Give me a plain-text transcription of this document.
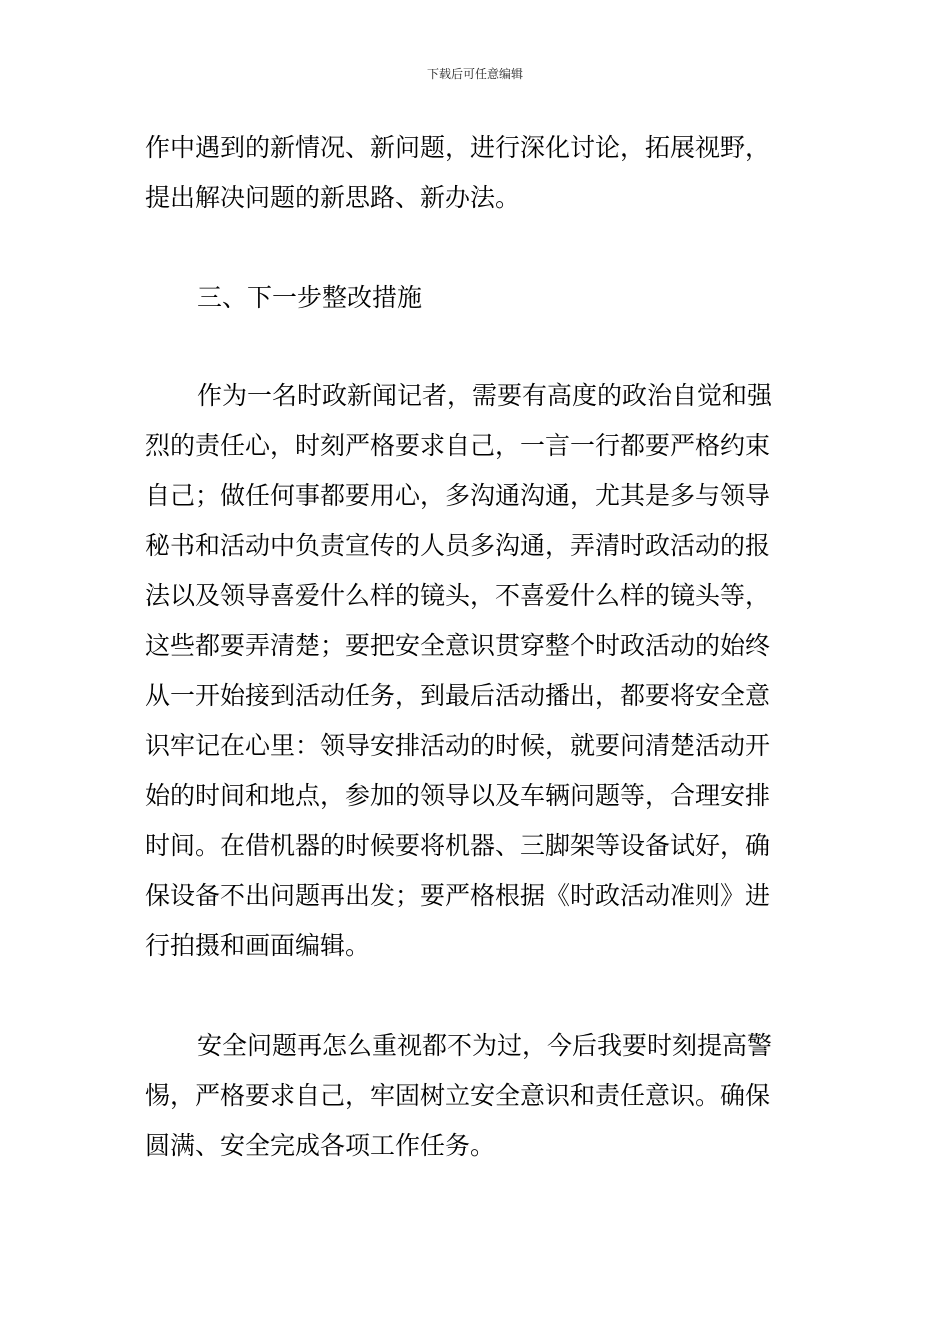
下载后可任意编辑
作中遇到的新情况、新问题，进行深化讨论，拓展视野，
提出解决问题的新思路、新办法。
三、下一步整改措施
作为一名时政新闻记者，需要有高度的政治自觉和强
烈的责任心，时刻严格要求自己，一言一行都要严格约束
自己；做任何事都要用心，多沟通沟通，尤其是多与领导
秘书和活动中负责宣传的人员多沟通，弄清时政活动的报
法以及领导喜爱什么样的镜头，不喜爱什么样的镜头等，
这些都要弄清楚；要把安全意识贯穿整个时政活动的始终
从一开始接到活动任务，到最后活动播出，都要将安全意
识牢记在心里：领导安排活动的时候，就要问清楚活动开
始的时间和地点，参加的领导以及车辆问题等，合理安排
时间。在借机器的时候要将机器、三脚架等设备试好，确
保设备不出问题再出发；要严格根据《时政活动准则》进
行拍摄和画面编辑。
安全问题再怎么重视都不为过，今后我要时刻提高警
惕，严格要求自己，牢固树立安全意识和责任意识。确保
圆满、安全完成各项工作任务。
